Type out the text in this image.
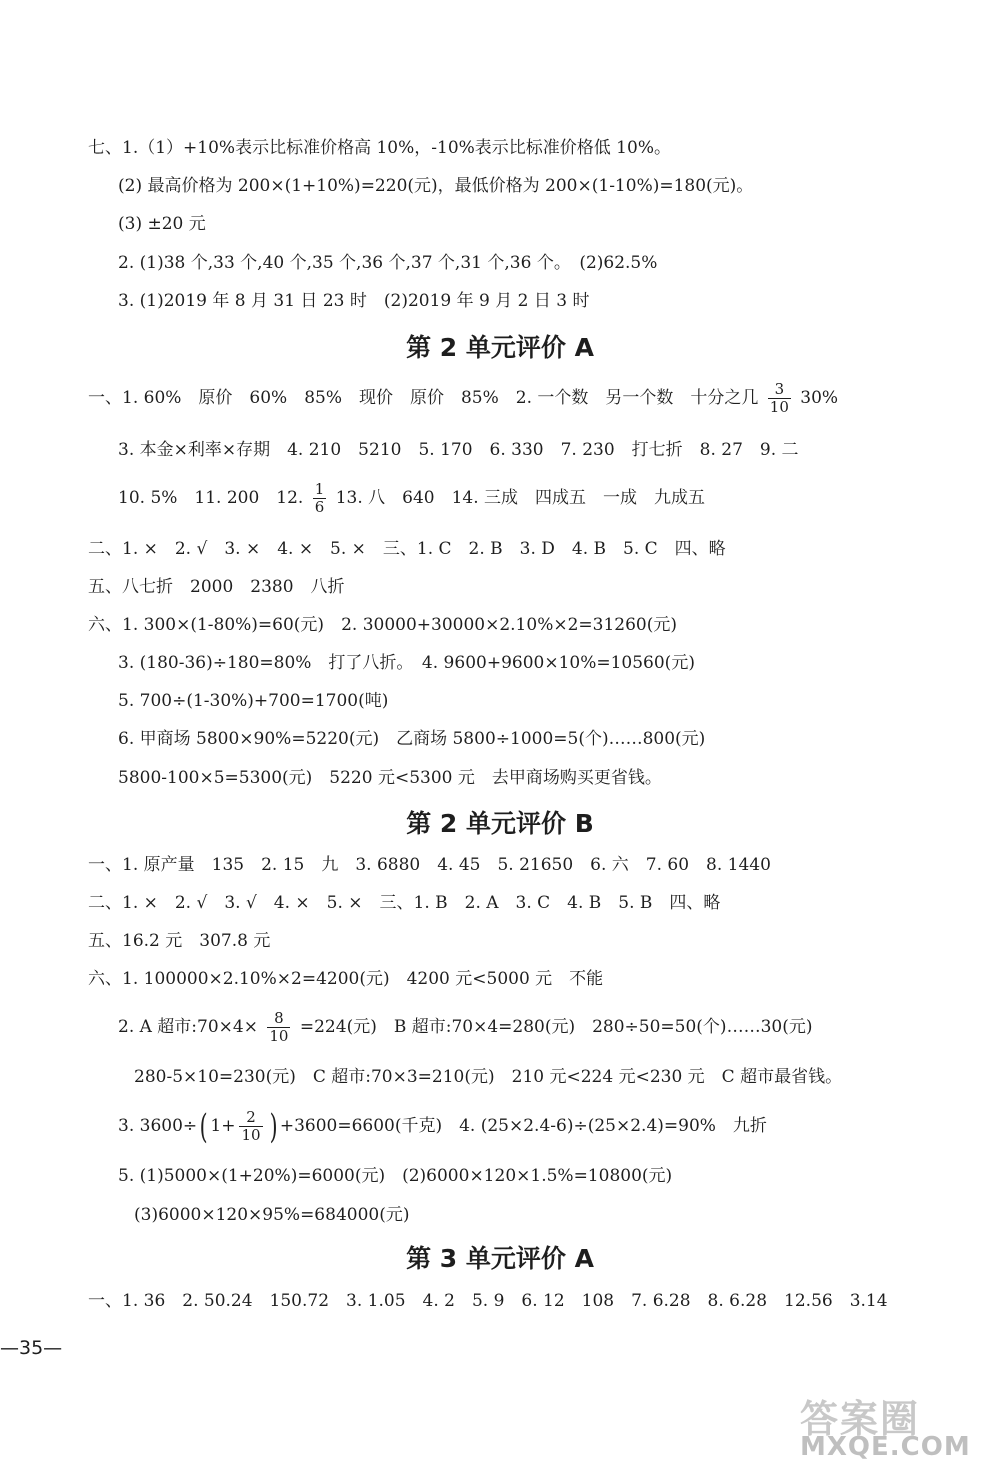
七、1.（1）+10%表示比标准价格高 10%，-10%表示比标准价格低 10%。
(2) 最高价格为 200×(1+10%)=220(元)，最低价格为 200×(1-10%)=180(元)。
(3) ±20 元
2. (1)38 个,33 个,40 个,35 个,36 个,37 个,31 个,36 个。　(2)62.5%
3. (1)2019 年 8 月 31 日 23 时　(2)2019 年 9 月 2 日 3 时
第 2 单元评价 A
一、1. 60%　原价　60%　85%　现价　原价　85%　2. 一个数　另一个数　十分之几 $\frac{3}{10} 30\%$
3. 本金×利率×存期　4. 210　5210　5. 170　6. 330　7. 230　打七折　8. 27　9. 二
10. 5%　11. 200　12. $\frac{1}{6} 13$. 八　640　14. 三成　四成五　一成　九成五
二、1. ×　2. √　3. ×　4. ×　5. ×　三、1. C　2. B　3. D　4. B　5. C　四、略
五、八七折　2000　2380　八折
六、1. 300×(1-80%)=60(元)　2. 30000+30000×2.10%×2=31260(元)
3. (180-36)÷180=80%　打了八折。　4. 9600+9600×10%=10560(元)
5. 700÷(1-30%)+700=1700(吨)
6. 甲商场 5800×90%=5220(元)　乙商场 5800÷1000=5(个)……800(元)
5800-100×5=5300(元)　5220 元<5300 元　去甲商场购买更省钱。
第 2 单元评价 B
一、1. 原产量　135　2. 15　九　3. 6880　4. 45　5. 21650　6. 六　7. 60　8. 1440
二、1. ×　2. √　3. √　4. ×　5. ×　三、1. B　2. A　3. C　4. B　5. B　四、略
五、16.2 元　307.8 元
六、1. 100000×2.10%×2=4200(元)　4200 元<5000 元　不能
2. A 超市:70×4× $\frac{8}{10} =224$(元)　B 超市:70×4=280(元)　280÷50=50(个)……30(元)
280-5×10=230(元)　C 超市:70×3=210(元)　210 元<224 元<230 元　C 超市最省钱。
3. 3600÷( $1+ \frac{2}{10}$ ) +3600=6600(千克)　4. (25×2.4-6)÷(25×2.4)=90%　九折
5. (1)5000×(1+20%)=6000(元)　(2)6000×120×1.5%=10800(元)
(3)6000×120×95%=684000(元)
第 3 单元评价 A
一、1. 36　2. 50.24　150.72　3. 1.05　4. 2　5. 9　6. 12　108　7. 6.28　8. 6.28　12.56　3.14
—35—
答案圈
MXQE.COM
